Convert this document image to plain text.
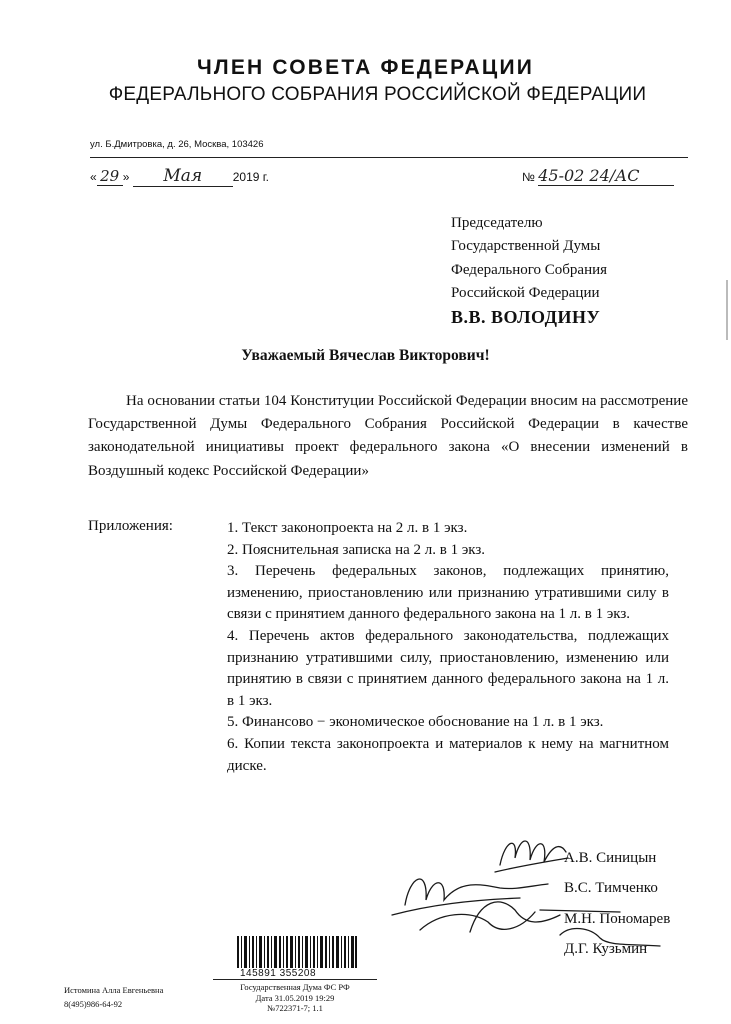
ЧЛЕН СОВЕТА ФЕДЕРАЦИИ
ФЕДЕРАЛЬНОГО СОБРАНИЯ РОССИЙСКОЙ ФЕДЕРАЦИИ
ул. Б.Дмитровка, д. 26, Москва, 103426
« 29 » Мая	2019 г.	№ 45-02 24/АС
Председателю
Государственной Думы
Федерального Собрания
Российской Федерации
В.В. ВОЛОДИНУ
Уважаемый Вячеслав Викторович!
На основании статьи 104 Конституции Российской Федерации вносим на рассмотрение Государственной Думы Федерального Собрания Российской Федерации в качестве законодательной инициативы проект федерального закона «О внесении изменений в Воздушный кодекс Российской Федерации»
Приложения:	1. Текст законопроекта на 2 л. в 1 экз.
2. Пояснительная записка на 2 л. в 1 экз.
3. Перечень федеральных законов, подлежащих принятию, изменению, приостановлению или признанию утратившими силу в связи с принятием данного федерального закона на 1 л. в 1 экз.
4. Перечень актов федерального законодательства, подлежащих признанию утратившими силу, приостановлению, изменению или принятию в связи с принятием данного федерального закона на 1 л. в 1 экз.
5. Финансово − экономическое обоснование на 1 л. в 1 экз.
6. Копии текста законопроекта и материалов к нему на магнитном диске.
А.В. Синицын
В.С. Тимченко
М.Н. Пономарев
Д.Г. Кузьмин
145891 355208
Истомина Алла Евгеньевна
8(495)986-64-92
Государственная Дума ФС РФ
Дата 31.05.2019 19:29
№722371-7; 1.1
